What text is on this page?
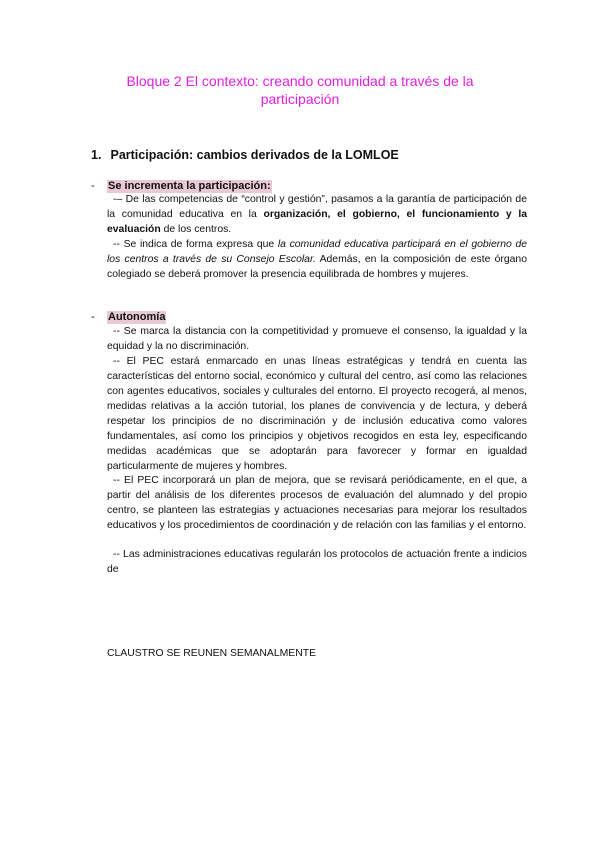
Bloque 2 El contexto: creando comunidad a través de la participación
1. Participación: cambios derivados de la LOMLOE
- Se incrementa la participación:

-– De las competencias de “control y gestión”, pasamos a la garantía de participación de la comunidad educativa en la organización, el gobierno, el funcionamiento y la evaluación de los centros.

-- Se indica de forma expresa que la comunidad educativa participará en el gobierno de los centros a través de su Consejo Escolar. Además, en la composición de este órgano colegiado se deberá promover la presencia equilibrada de hombres y mujeres.

- Autonomía

-- Se marca la distancia con la competitividad y promueve el consenso, la igualdad y la equidad y la no discriminación.

-- El PEC estará enmarcado en unas líneas estratégicas y tendrá en cuenta las características del entorno social, económico y cultural del centro, así como las relaciones con agentes educativos, sociales y culturales del entorno. El proyecto recogerá, al menos, medidas relativas a la acción tutorial, los planes de convivencia y de lectura, y deberá respetar los principios de no discriminación y de inclusión educativa como valores fundamentales, así como los principios y objetivos recogidos en esta ley, especificando medidas académicas que se adoptarán para favorecer y formar en igualdad particularmente de mujeres y hombres.

-- El PEC incorporará un plan de mejora, que se revisará periódicamente, en el que, a partir del análisis de los diferentes procesos de evaluación del alumnado y del propio centro, se planteen las estrategias y actuaciones necesarias para mejorar los resultados educativos y los procedimientos de coordinación y de relación con las familias y el entorno.

-- Las administraciones educativas regularán los protocolos de actuación frente a indicios de

CLAUSTRO SE REUNEN SEMANALMENTE
